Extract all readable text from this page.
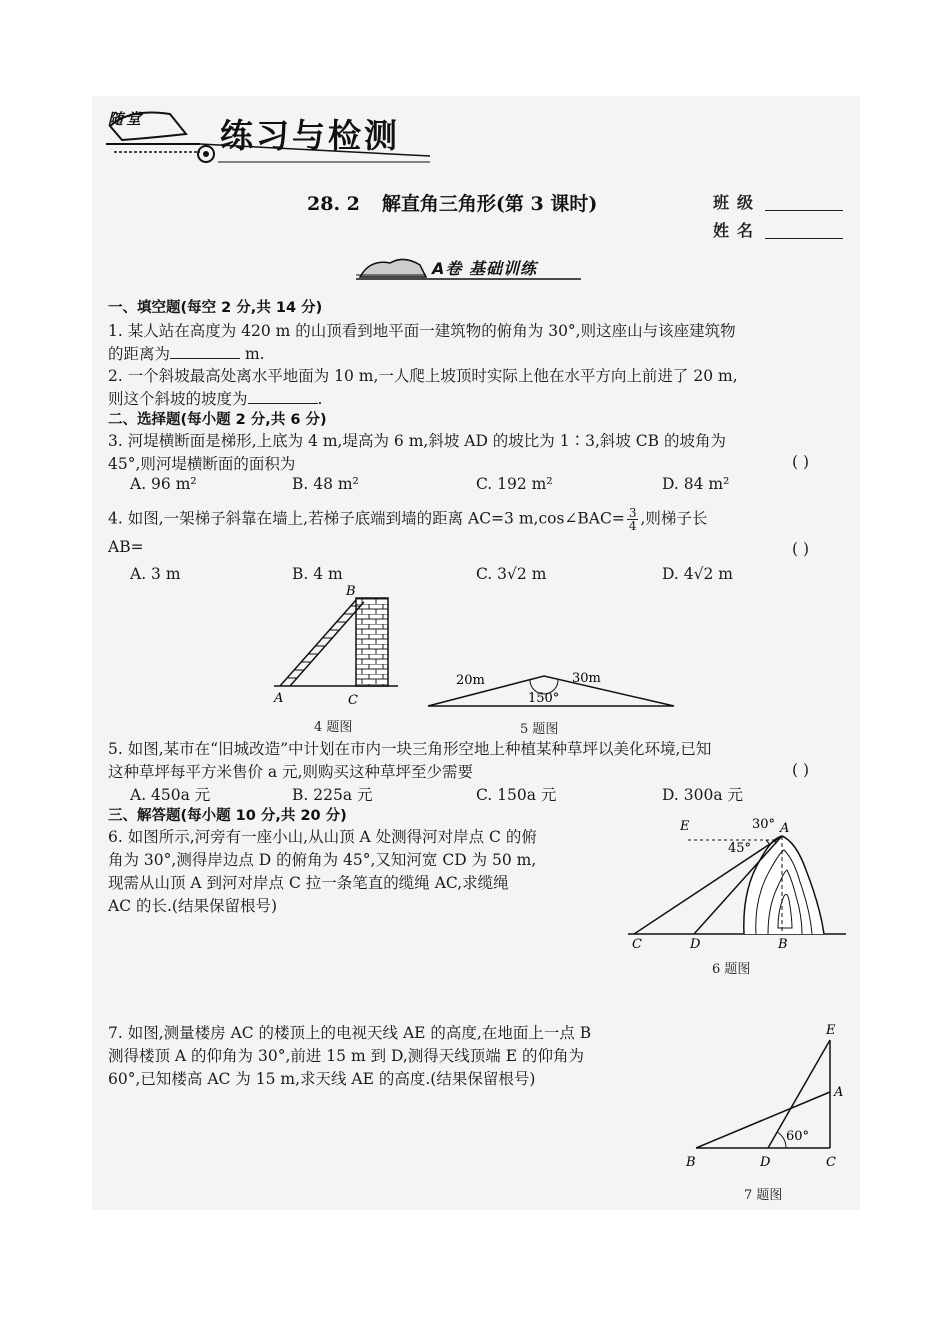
随堂 练习与检测
28. 2 解直角三角形(第 3 课时)	班级
姓名
A卷 基础训练
一、填空题(每空 2 分,共 14 分)
1. 某人站在高度为 420 m 的山顶看到地平面一建筑物的俯角为 30°,则这座山与该座建筑物
的距离为	m.
2. 一个斜坡最高处离水平地面为 10 m,一人爬上坡顶时实际上他在水平方向上前进了 20 m,
则这个斜坡的坡度为	.
二、选择题(每小题 2 分,共 6 分)
3. 河堤横断面是梯形,上底为 4 m,堤高为 6 m,斜坡 AD 的坡比为 1∶3,斜坡 CB 的坡角为
45°,则河堤横断面的面积为	( )
A. 96 m²	B. 48 m²	C. 192 m²	D. 84 m²
4. 如图,一架梯子斜靠在墙上,若梯子底端到墙的距离 AC=3 m,cos∠BAC= $\frac{3}{4}$ ,则梯子长
AB=	( )
A. 3 m	B. 4 m	C. 3√2 m	D. 4√2 m
B
A	C
4 题图
20m	30m
150°
5 题图
5. 如图,某市在“旧城改造”中计划在市内一块三角形空地上种植某种草坪以美化环境,已知
这种草坪每平方米售价 a 元,则购买这种草坪至少需要	( )
A. 450a 元	B. 225a 元	C. 150a 元	D. 300a 元
三、解答题(每小题 10 分,共 20 分)
6. 如图所示,河旁有一座小山,从山顶 A 处测得河对岸点 C 的俯
角为 30°,测得岸边点 D 的俯角为 45°,又知河宽 CD 为 50 m,
现需从山顶 A 到河对岸点 C 拉一条笔直的缆绳 AC,求缆绳
AC 的长.(结果保留根号)
E	A
30°
45°
C	D	B
6 题图
7. 如图,测量楼房 AC 的楼顶上的电视天线 AE 的高度,在地面上一点 B
测得楼顶 A 的仰角为 30°,前进 15 m 到 D,测得天线顶端 E 的仰角为
60°,已知楼高 AC 为 15 m,求天线 AE 的高度.(结果保留根号)
E
A
B	D	C
60°
7 题图
